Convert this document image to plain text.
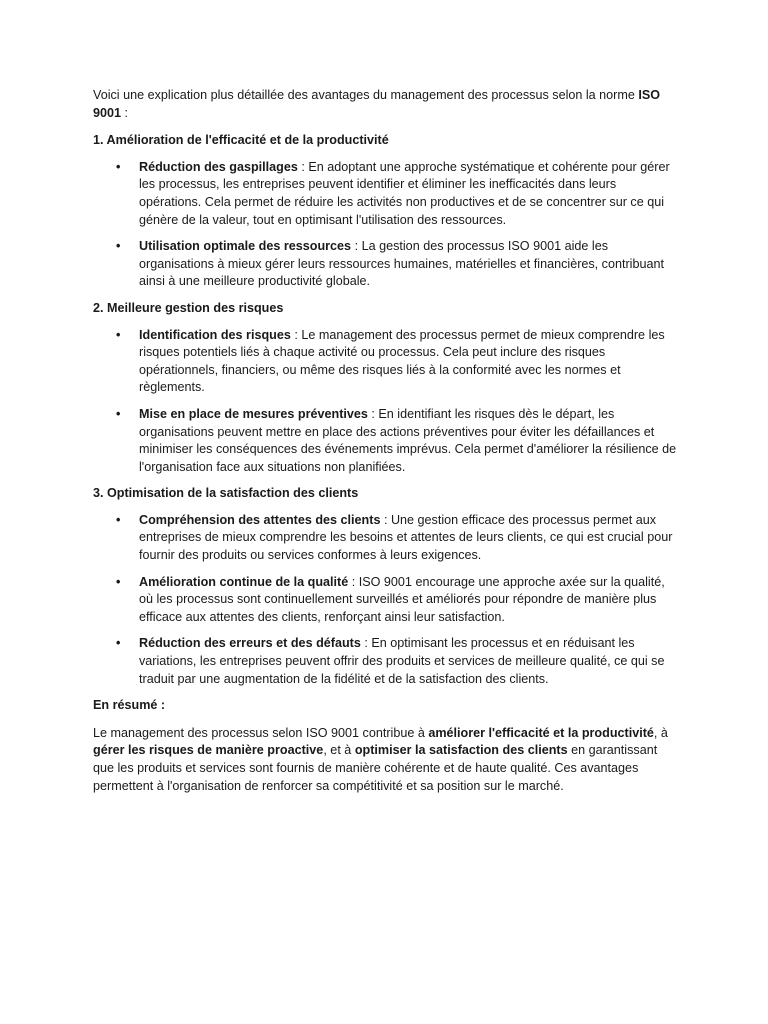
Voici une explication plus détaillée des avantages du management des processus selon la norme ISO 9001 :

1. Amélioration de l'efficacité et de la productivité

• Réduction des gaspillages : En adoptant une approche systématique et cohérente pour gérer les processus, les entreprises peuvent identifier et éliminer les inefficacités dans leurs opérations. Cela permet de réduire les activités non productives et de se concentrer sur ce qui génère de la valeur, tout en optimisant l'utilisation des ressources.
• Utilisation optimale des ressources : La gestion des processus ISO 9001 aide les organisations à mieux gérer leurs ressources humaines, matérielles et financières, contribuant ainsi à une meilleure productivité globale.

2. Meilleure gestion des risques

• Identification des risques : Le management des processus permet de mieux comprendre les risques potentiels liés à chaque activité ou processus. Cela peut inclure des risques opérationnels, financiers, ou même des risques liés à la conformité avec les normes et règlements.
• Mise en place de mesures préventives : En identifiant les risques dès le départ, les organisations peuvent mettre en place des actions préventives pour éviter les défaillances et minimiser les conséquences des événements imprévus. Cela permet d'améliorer la résilience de l'organisation face aux situations non planifiées.

3. Optimisation de la satisfaction des clients

• Compréhension des attentes des clients : Une gestion efficace des processus permet aux entreprises de mieux comprendre les besoins et attentes de leurs clients, ce qui est crucial pour fournir des produits ou services conformes à leurs exigences.
• Amélioration continue de la qualité : ISO 9001 encourage une approche axée sur la qualité, où les processus sont continuellement surveillés et améliorés pour répondre de manière plus efficace aux attentes des clients, renforçant ainsi leur satisfaction.
• Réduction des erreurs et des défauts : En optimisant les processus et en réduisant les variations, les entreprises peuvent offrir des produits et services de meilleure qualité, ce qui se traduit par une augmentation de la fidélité et de la satisfaction des clients.

En résumé :

Le management des processus selon ISO 9001 contribue à améliorer l'efficacité et la productivité, à gérer les risques de manière proactive, et à optimiser la satisfaction des clients en garantissant que les produits et services sont fournis de manière cohérente et de haute qualité. Ces avantages permettent à l'organisation de renforcer sa compétitivité et sa position sur le marché.
